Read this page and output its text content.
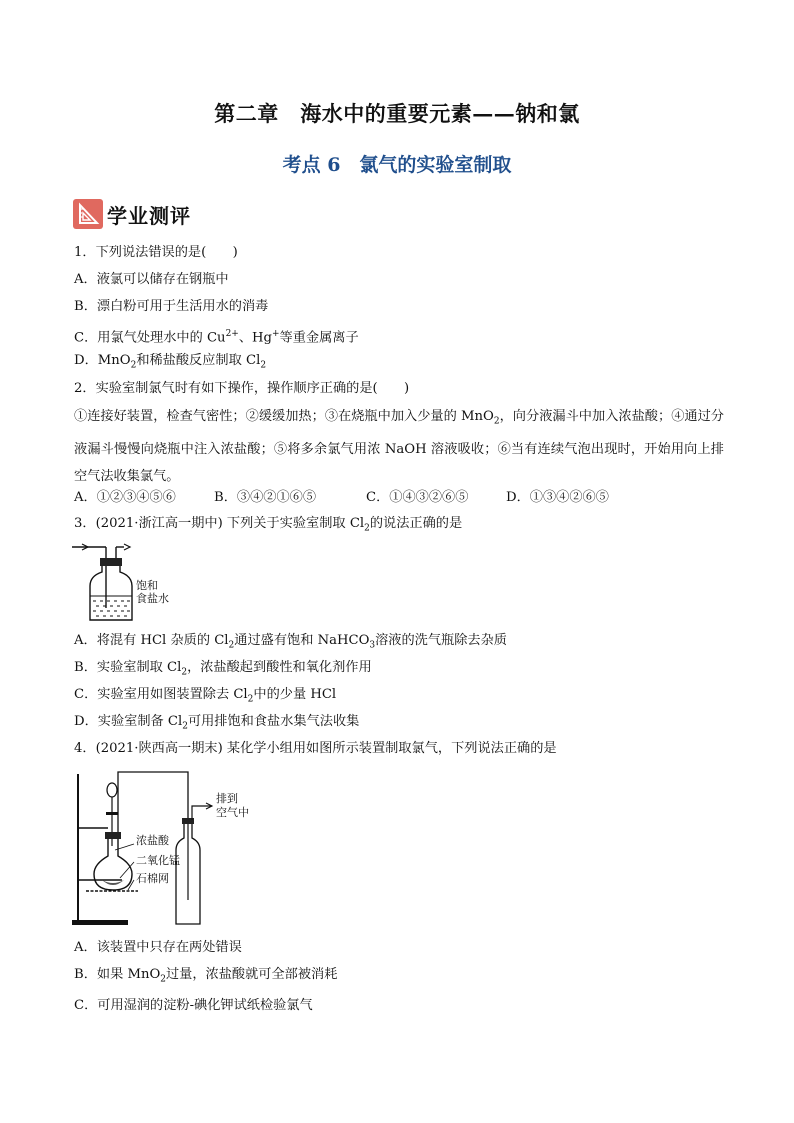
第二章　海水中的重要元素——钠和氯
考点 6　氯气的实验室制取
学业测评
1．下列说法错误的是(　　)
A．液氯可以储存在钢瓶中
B．漂白粉可用于生活用水的消毒
C．用氯气处理水中的 $Cu^{2+}$、Hg+等重金属离子
D．MnO$_2$和稀盐酸反应制取 $Cl_2$
2．实验室制氯气时有如下操作，操作顺序正确的是(　　)
①连接好装置，检查气密性；②缓缓加热；③在烧瓶中加入少量的 MnO$_2$，向分液漏斗中加入浓盐酸；④通过分液漏斗慢慢向烧瓶中注入浓盐酸；⑤将多余氯气用浓 NaOH 溶液吸收；⑥当有连续气泡出现时，开始用向上排空气法收集氯气。
A．①②③④⑤⑥	B．③④②①⑥⑤	C．①④③②⑥⑤	D．①③④②⑥⑤
3．(2021·浙江高一期中) 下列关于实验室制取 $Cl_2$的说法正确的是
饱和
食盐水
A．将混有 HCl 杂质的 $Cl_2$通过盛有饱和 NaHCO$_3$溶液的洗气瓶除去杂质
B．实验室制取 $Cl_2$，浓盐酸起到酸性和氧化剂作用
C．实验室用如图装置除去 $Cl_2$中的少量 HCl
D．实验室制备 $Cl_2$可用排饱和食盐水集气法收集
4．(2021·陕西高一期末) 某化学小组用如图所示装置制取氯气，下列说法正确的是
浓盐酸
二氧化锰
石棉网
排到
空气中
A．该装置中只存在两处错误
B．如果 MnO$_2$过量，浓盐酸就可全部被消耗
C．可用湿润的淀粉-碘化钾试纸检验氯气
